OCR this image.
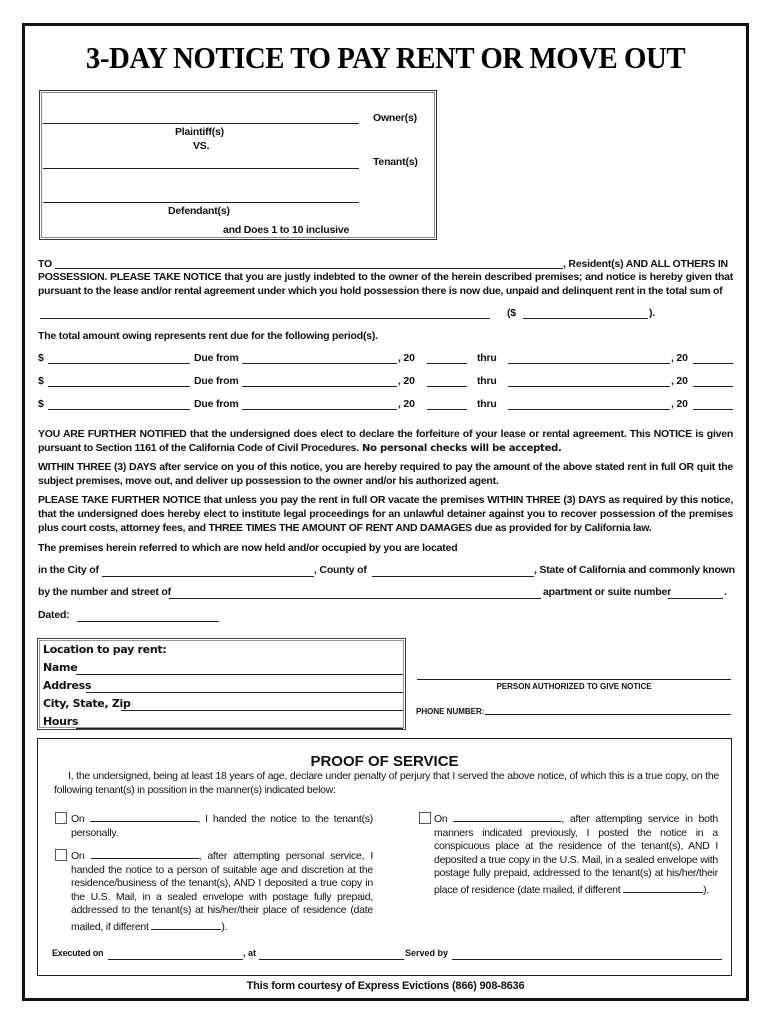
3-DAY NOTICE TO PAY RENT OR MOVE OUT
Owner(s)
Plaintiff(s)
VS.
Tenant(s)
Defendant(s)
and Does 1 to 10 inclusive
TO	, Resident(s) AND ALL OTHERS IN
POSSESSION. PLEASE TAKE NOTICE that you are justly indebted to the owner of the herein described premises; and notice is hereby given that pursuant to the lease and/or rental agreement under which you hold possession there is now due, unpaid and delinquent rent in the total sum of
($	).
The total amount owing represents rent due for the following period(s).
$	Due from	, 20	thru	, 20
$	Due from	, 20	thru	, 20
$	Due from	, 20	thru	, 20
YOU ARE FURTHER NOTIFIED that the undersigned does elect to declare the forfeiture of your lease or rental agreement. This NOTICE is given pursuant to Section 1161 of the California Code of Civil Procedures. No personal checks will be accepted.
WITHIN THREE (3) DAYS after service on you of this notice, you are hereby required to pay the amount of the above stated rent in full OR quit the subject premises, move out, and deliver up possession to the owner and/or his authorized agent.
PLEASE TAKE FURTHER NOTICE that unless you pay the rent in full OR vacate the premises WITHIN THREE (3) DAYS as required by this notice, that the undersigned does hereby elect to institute legal proceedings for an unlawful detainer against you to recover possession of the premises plus court costs, attorney fees, and THREE TIMES THE AMOUNT OF RENT AND DAMAGES due as provided for by California law.
The premises herein referred to which are now held and/or occupied by you are located
in the City of	, County of	, State of California and commonly known
by the number and street of	apartment or suite number	.
Dated:
Location to pay rent:
Name
Address
City, State, Zip
Hours
PERSON AUTHORIZED TO GIVE NOTICE
PHONE NUMBER:
PROOF OF SERVICE
I, the undersigned, being at least 18 years of age, declare under penalty of perjury that I served the above notice, of which this is a true copy, on the following tenant(s) in possition in the manner(s) indicated below:
On	, I handed the notice to the tenant(s) personally.
On	, after attempting personal service, I handed the notice to a person of suitable age and discretion at the residence/business of the tenant(s), AND I deposited a true copy in the U.S. Mail, in a sealed envelope with postage fully prepaid, addressed to the tenant(s) at his/her/their place of residence (date mailed, if different	).
On	, after attempting service in both manners indicated previously, I posted the notice in a conspicuous place at the residence of the tenant(s), AND I deposited a true copy in the U.S. Mail, in a sealed envelope with postage fully prepaid, addressed to the tenant(s) at his/her/their place of residence (date mailed, if different	).
Executed on	, at	Served by
This form courtesy of Express Evictions (866) 908-8636
